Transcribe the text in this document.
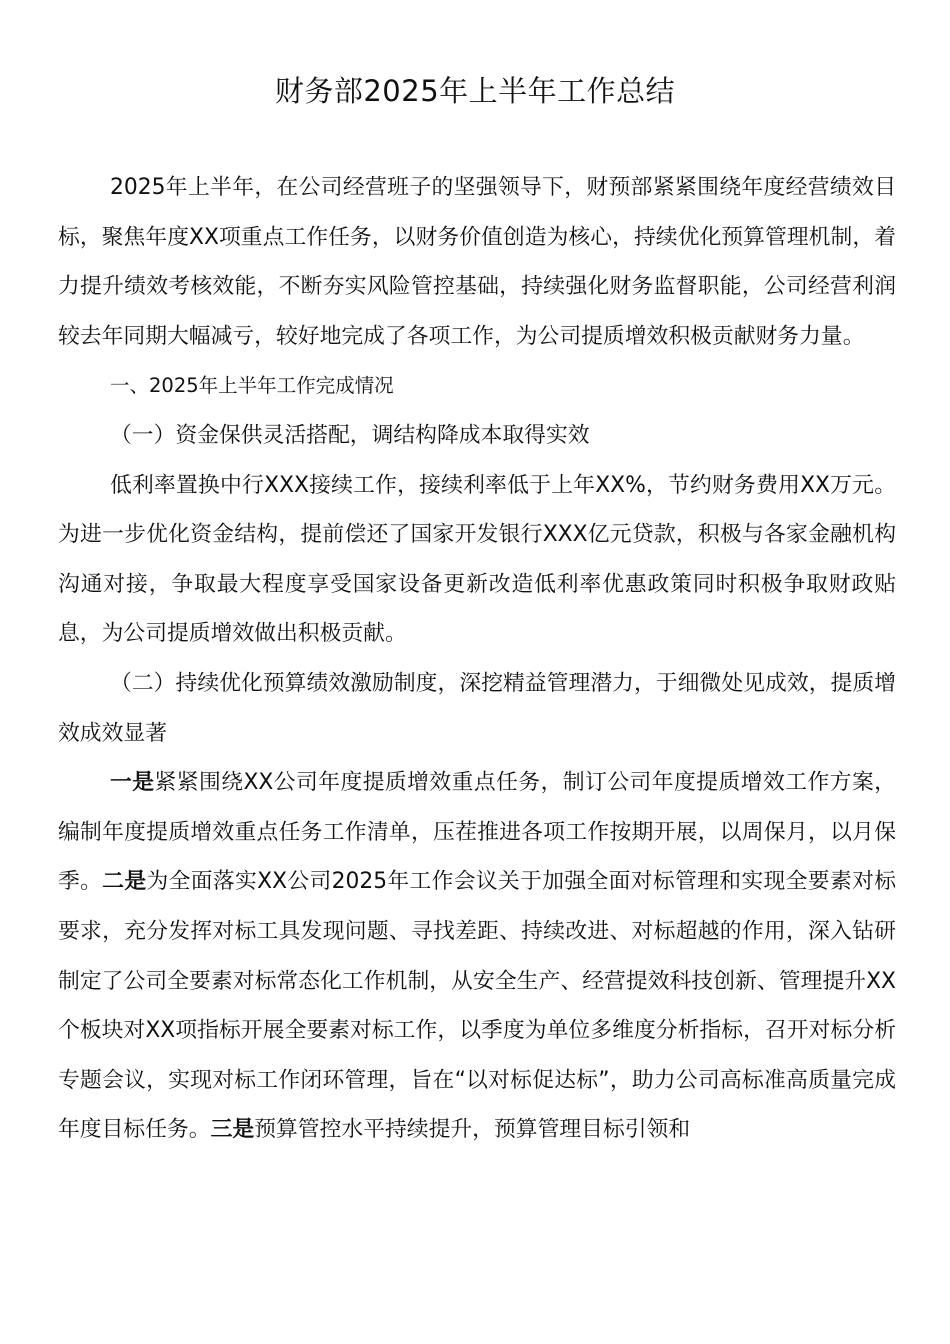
财务部2025年上半年工作总结

2025年上半年，在公司经营班子的坚强领导下，财预部紧紧围绕年度经营绩效目标，聚焦年度XX项重点工作任务，以财务价值创造为核心，持续优化预算管理机制，着力提升绩效考核效能，不断夯实风险管控基础，持续强化财务监督职能，公司经营利润较去年同期大幅减亏，较好地完成了各项工作，为公司提质增效积极贡献财务力量。

一、2025年上半年工作完成情况

（一）资金保供灵活搭配，调结构降成本取得实效

低利率置换中行XXX接续工作，接续利率低于上年XX%，节约财务费用XX万元。为进一步优化资金结构，提前偿还了国家开发银行XXX亿元贷款，积极与各家金融机构沟通对接，争取最大程度享受国家设备更新改造低利率优惠政策同时积极争取财政贴息，为公司提质增效做出积极贡献。

（二）持续优化预算绩效激励制度，深挖精益管理潜力，于细微处见成效，提质增效成效显著

一是紧紧围绕XX公司年度提质增效重点任务，制订公司年度提质增效工作方案，编制年度提质增效重点任务工作清单，压茬推进各项工作按期开展，以周保月，以月保季。二是为全面落实XX公司2025年工作会议关于加强全面对标管理和实现全要素对标要求，充分发挥对标工具发现问题、寻找差距、持续改进、对标超越的作用，深入钻研制定了公司全要素对标常态化工作机制，从安全生产、经营提效科技创新、管理提升XX个板块对XX项指标开展全要素对标工作，以季度为单位多维度分析指标，召开对标分析专题会议，实现对标工作闭环管理，旨在“以对标促达标”，助力公司高标准高质量完成年度目标任务。三是预算管控水平持续提升，预算管理目标引领和
